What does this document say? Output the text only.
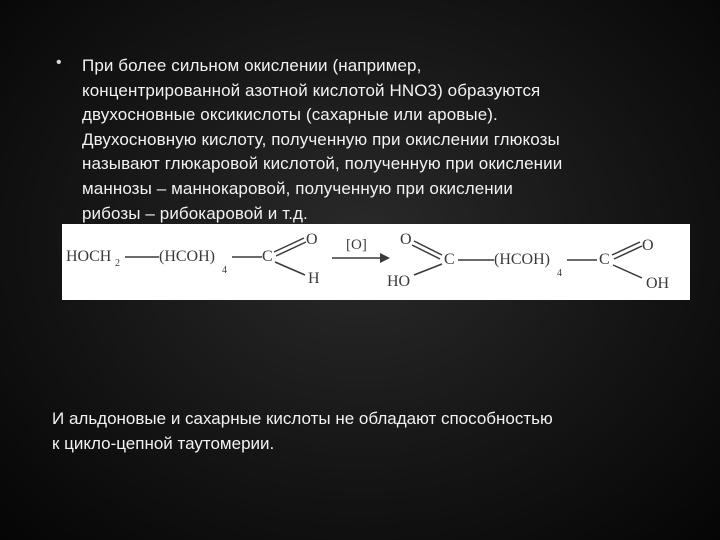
• При более сильном окислении (например,
концентрированной азотной кислотой HNO3) образуются
двухосновные оксикислоты (сахарные или аровые).
Двухосновную кислоту, полученную при окислении глюкозы
называют глюкаровой кислотой, полученную при окислении
маннозы – маннокаровой, полученную при окислении
рибозы – рибокаровой и т.д.
HOCH 2 (HCOH)
4
C
O
H
[O] O
HO
C (HCOH)
4
C
O
OH
И альдоновые и сахарные кислоты не обладают способностью
к цикло-цепной таутомерии.
